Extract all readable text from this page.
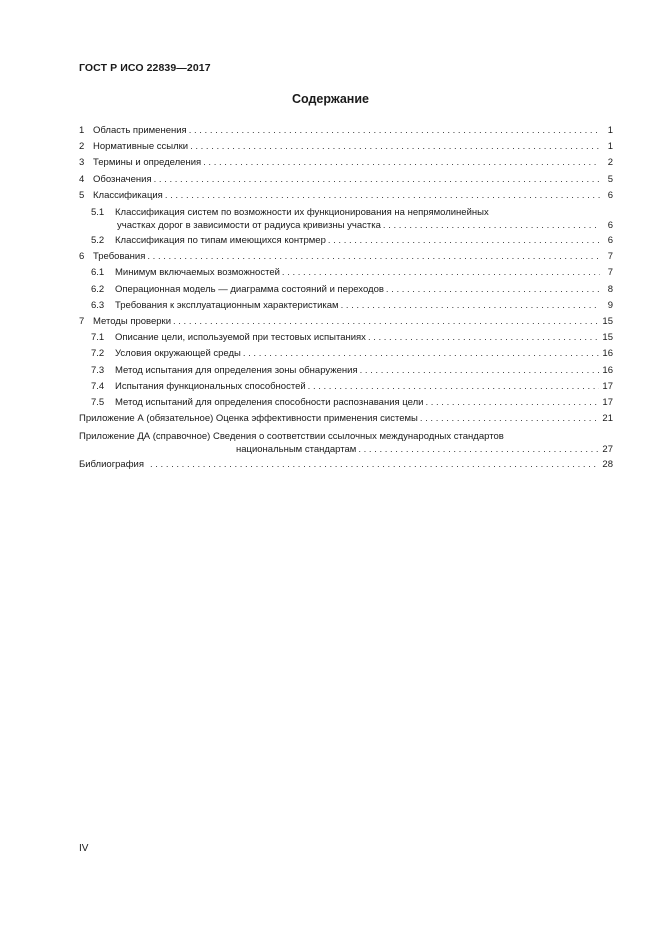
ГОСТ Р ИСО 22839—2017
Содержание
1 Область применения . . .	1
2 Нормативные ссылки . . .	1
3 Термины и определения . . .	2
4 Обозначения . . .	5
5 Классификация . . .	6
5.1	Классификация систем по возможности их функционирования на непрямолинейных
участках дорог в зависимости от радиуса кривизны участка . . .	6
5.2	Классификация по типам имеющихся контрмер . . .	6
6 Требования . . .	7
6.1	Минимум включаемых возможностей . . .	7
6.2	Операционная модель — диаграмма состояний и переходов . . .	8
6.3	Требования к эксплуатационным характеристикам . . .	9
7 Методы проверки . . .	15
7.1	Описание цели, используемой при тестовых испытаниях . . .	15
7.2	Условия окружающей среды . . .	16
7.3	Метод испытания для определения зоны обнаружения . . .	16
7.4	Испытания функциональных способностей . . .	17
7.5	Метод испытаний для определения способности распознавания цели . . .	17
Приложение А (обязательное) Оценка эффективности применения системы . . .	21
Приложение ДА (справочное) Сведения о соответствии ссылочных международных стандартов
национальным стандартам . . .	27
Библиография . . .	28
IV
